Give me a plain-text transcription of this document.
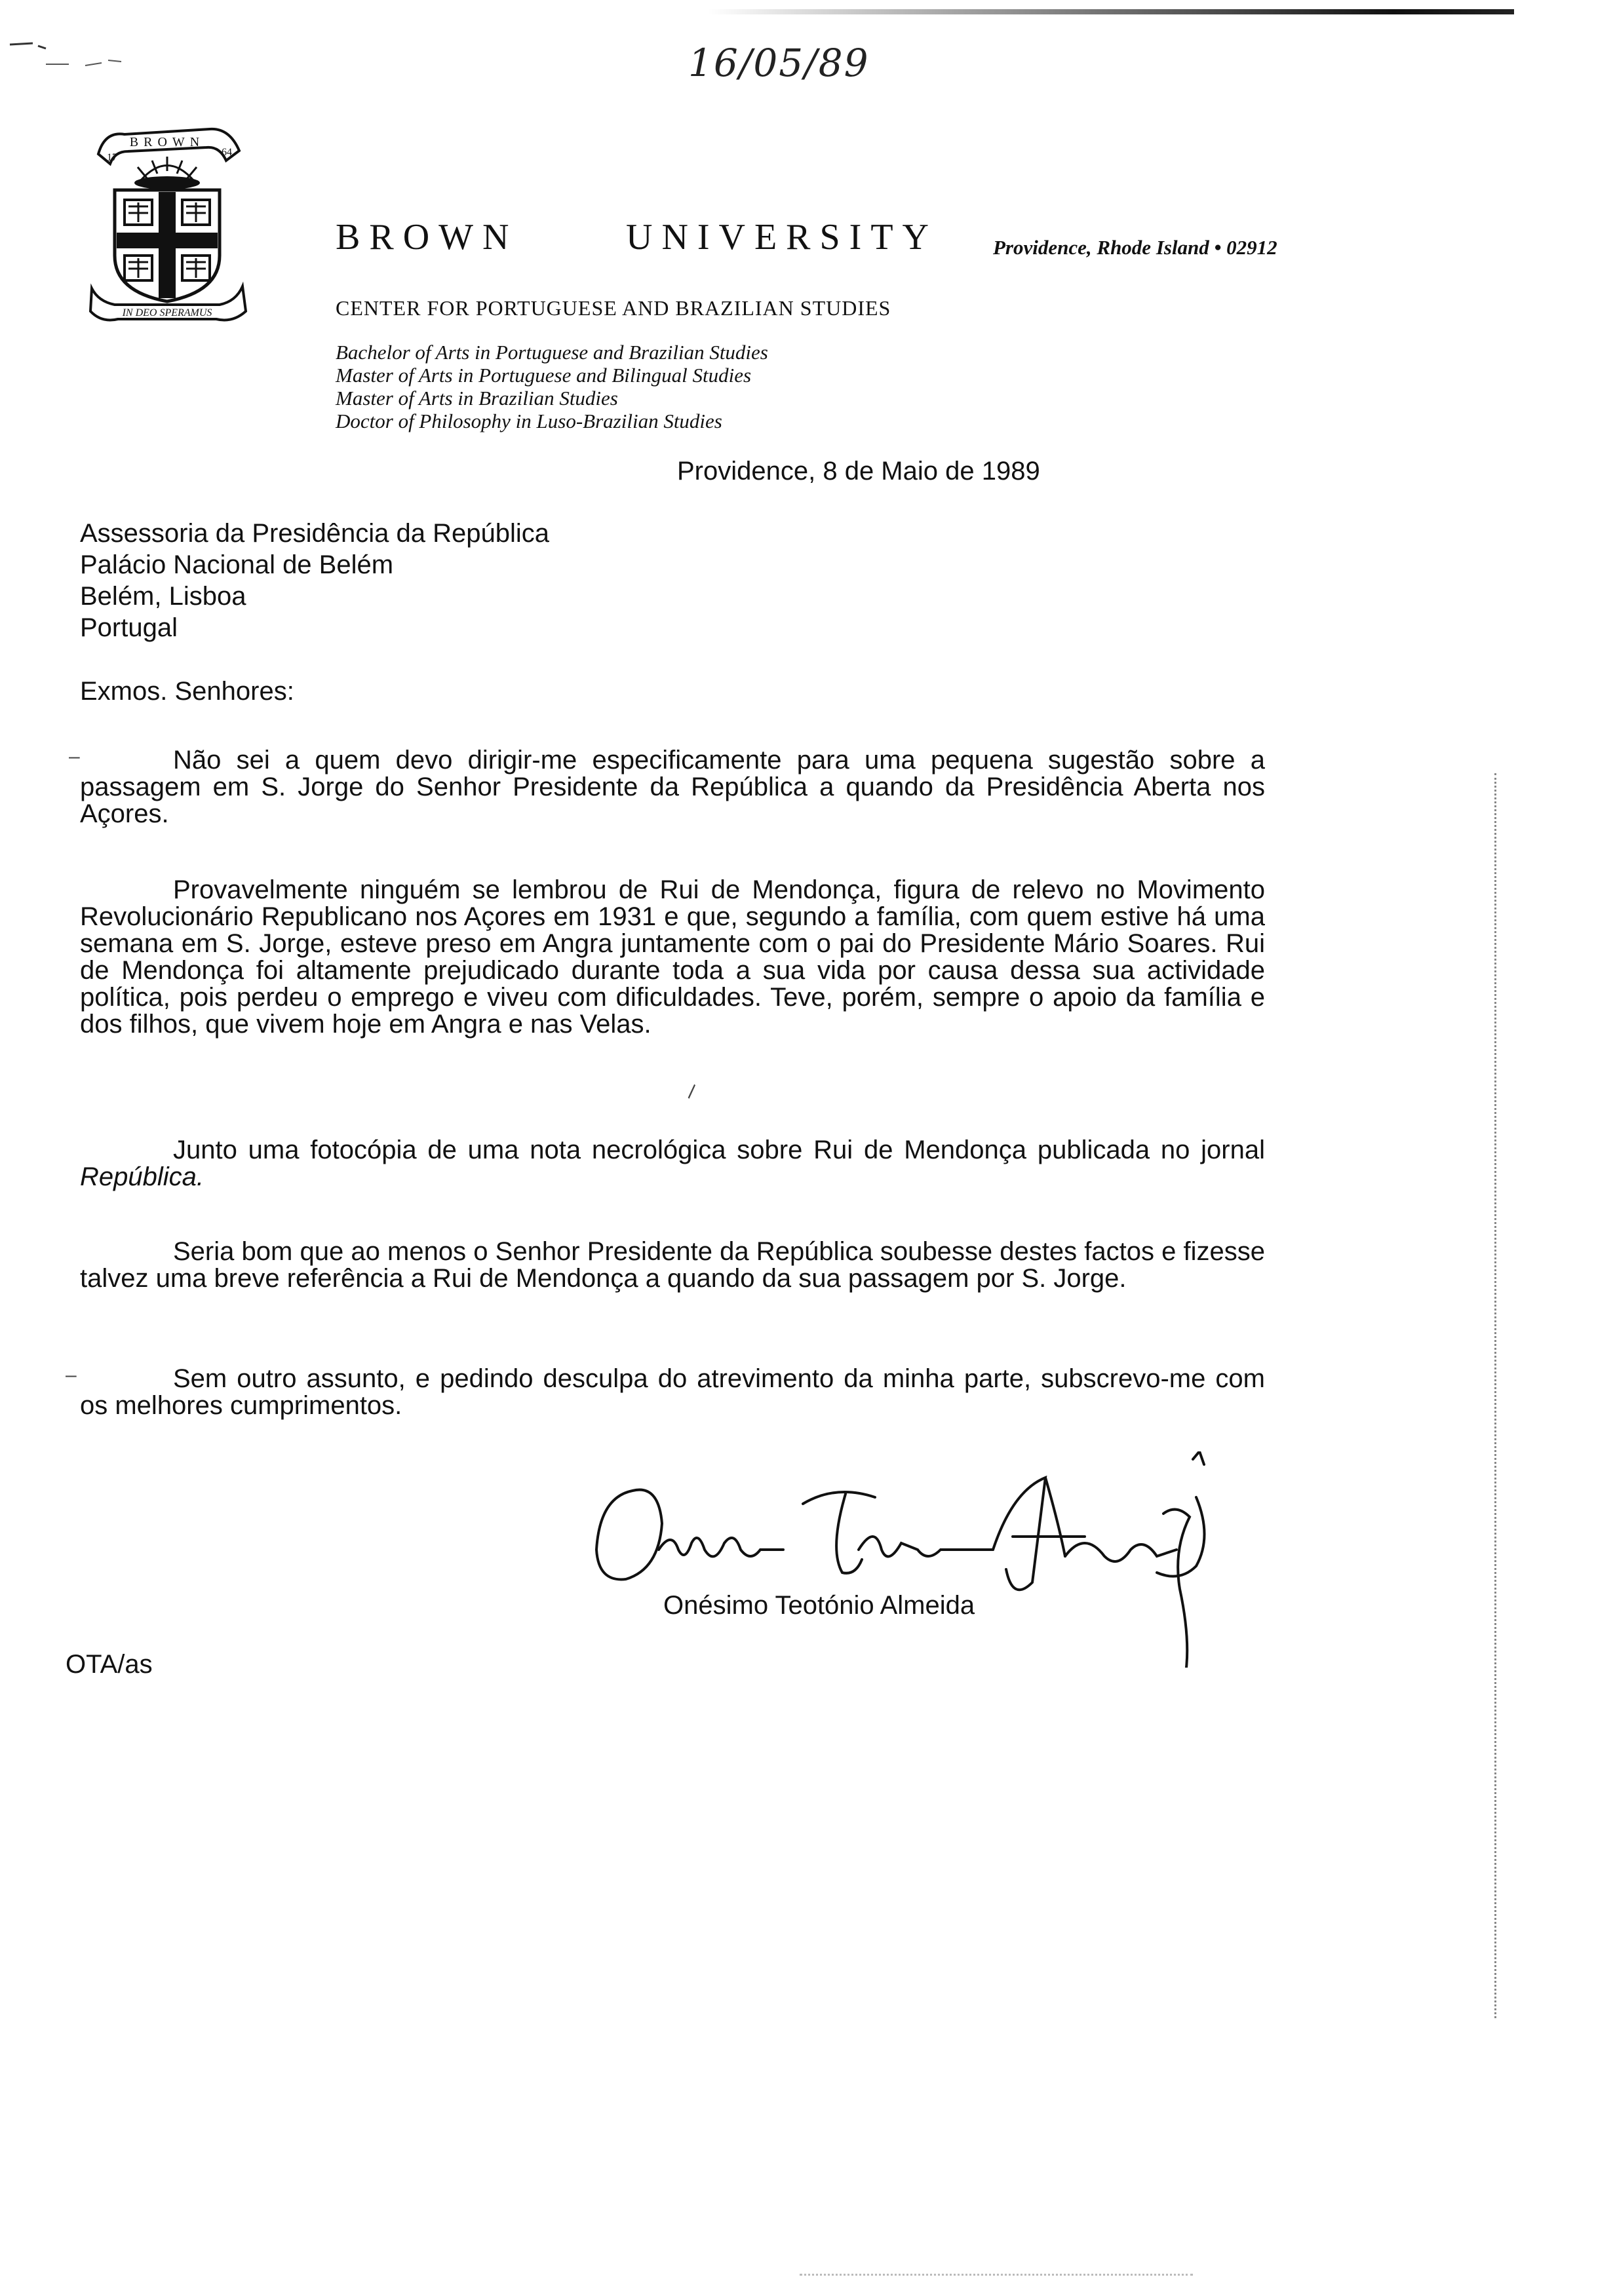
16/05/89
BROWN
17	64
IN DEO SPERAMUS
BROWN	UNIVERSITY	Providence, Rhode Island • 02912
CENTER FOR PORTUGUESE AND BRAZILIAN STUDIES
Bachelor of Arts in Portuguese and Brazilian Studies
Master of Arts in Portuguese and Bilingual Studies
Master of Arts in Brazilian Studies
Doctor of Philosophy in Luso-Brazilian Studies
Providence, 8 de Maio de 1989
Assessoria da Presidência da República
Palácio Nacional de Belém
Belém, Lisboa
Portugal
Exmos. Senhores:
Não sei a quem devo dirigir-me especificamente para uma pequena sugestão sobre a passagem em S. Jorge do Senhor Presidente da República a quando da Presidência Aberta nos Açores.
Provavelmente ninguém se lembrou de Rui de Mendonça, figura de relevo no Movimento Revolucionário Republicano nos Açores em 1931 e que, segundo a família, com quem estive há uma semana em S. Jorge, esteve preso em Angra juntamente com o pai do Presidente Mário Soares. Rui de Mendonça foi altamente prejudicado durante toda a sua vida por causa dessa sua actividade política, pois perdeu o emprego e viveu com dificuldades. Teve, porém, sempre o apoio da família e dos filhos, que vivem hoje em Angra e nas Velas.
Junto uma fotocópia de uma nota necrológica sobre Rui de Mendonça publicada no jornal República.
Seria bom que ao menos o Senhor Presidente da República soubesse destes factos e fizesse talvez uma breve referência a Rui de Mendonça a quando da sua passagem por S. Jorge.
Sem outro assunto, e pedindo desculpa do atrevimento da minha parte, subscrevo-me com os melhores cumprimentos.
–
–
\
Onésimo Teotónio Almeida
OTA/as
